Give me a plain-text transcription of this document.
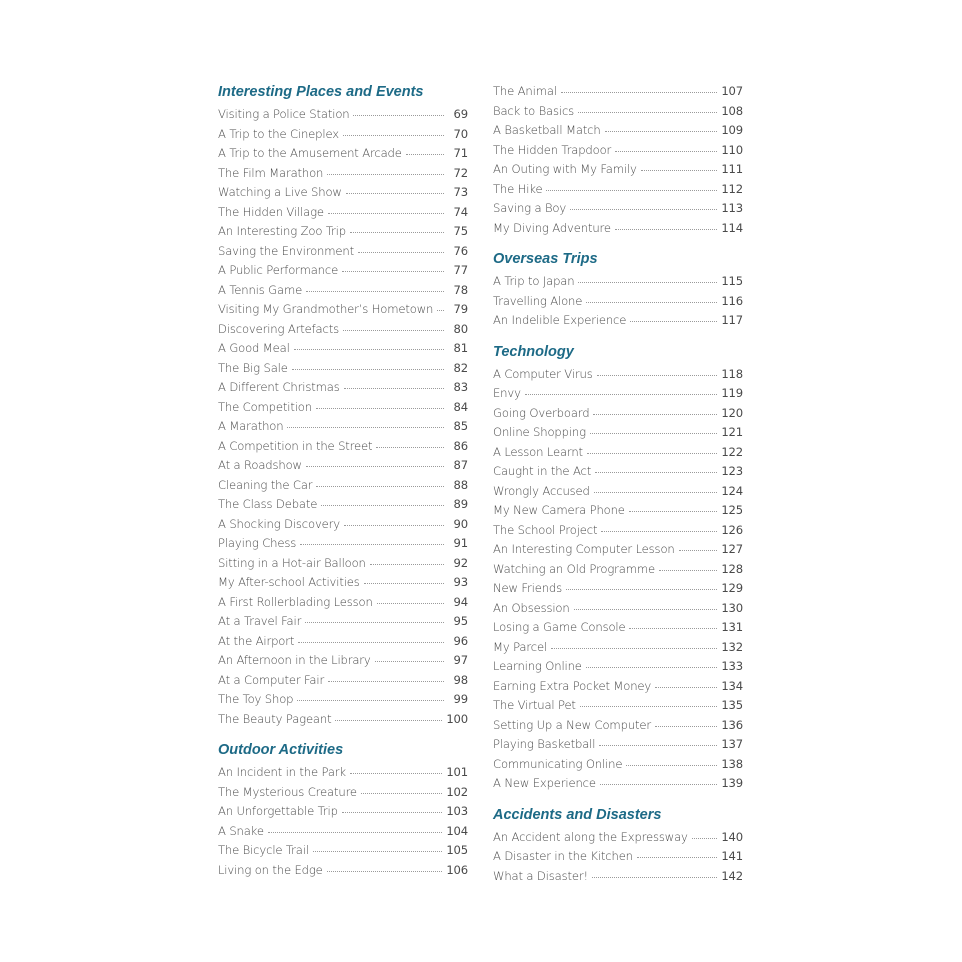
Interesting Places and Events
Visiting a Police Station	69
A Trip to the Cineplex	70
A Trip to the Amusement Arcade	71
The Film Marathon	72
Watching a Live Show	73
The Hidden Village	74
An Interesting Zoo Trip	75
Saving the Environment	76
A Public Performance	77
A Tennis Game	78
Visiting My Grandmother’s Hometown	79
Discovering Artefacts	80
A Good Meal	81
The Big Sale	82
A Different Christmas	83
The Competition	84
A Marathon	85
A Competition in the Street	86
At a Roadshow	87
Cleaning the Car	88
The Class Debate	89
A Shocking Discovery	90
Playing Chess	91
Sitting in a Hot-air Balloon	92
My After-school Activities	93
A First Rollerblading Lesson	94
At a Travel Fair	95
At the Airport	96
An Afternoon in the Library	97
At a Computer Fair	98
The Toy Shop	99
The Beauty Pageant	100
Outdoor Activities
An Incident in the Park	101
The Mysterious Creature	102
An Unforgettable Trip	103
A Snake	104
The Bicycle Trail	105
Living on the Edge	106
The Animal	107
Back to Basics	108
A Basketball Match	109
The Hidden Trapdoor	110
An Outing with My Family	111
The Hike	112
Saving a Boy	113
My Diving Adventure	114
Overseas Trips
A Trip to Japan	115
Travelling Alone	116
An Indelible Experience	117
Technology
A Computer Virus	118
Envy	119
Going Overboard	120
Online Shopping	121
A Lesson Learnt	122
Caught in the Act	123
Wrongly Accused	124
My New Camera Phone	125
The School Project	126
An Interesting Computer Lesson	127
Watching an Old Programme	128
New Friends	129
An Obsession	130
Losing a Game Console	131
My Parcel	132
Learning Online	133
Earning Extra Pocket Money	134
The Virtual Pet	135
Setting Up a New Computer	136
Playing Basketball	137
Communicating Online	138
A New Experience	139
Accidents and Disasters
An Accident along the Expressway	140
A Disaster in the Kitchen	141
What a Disaster!	142
